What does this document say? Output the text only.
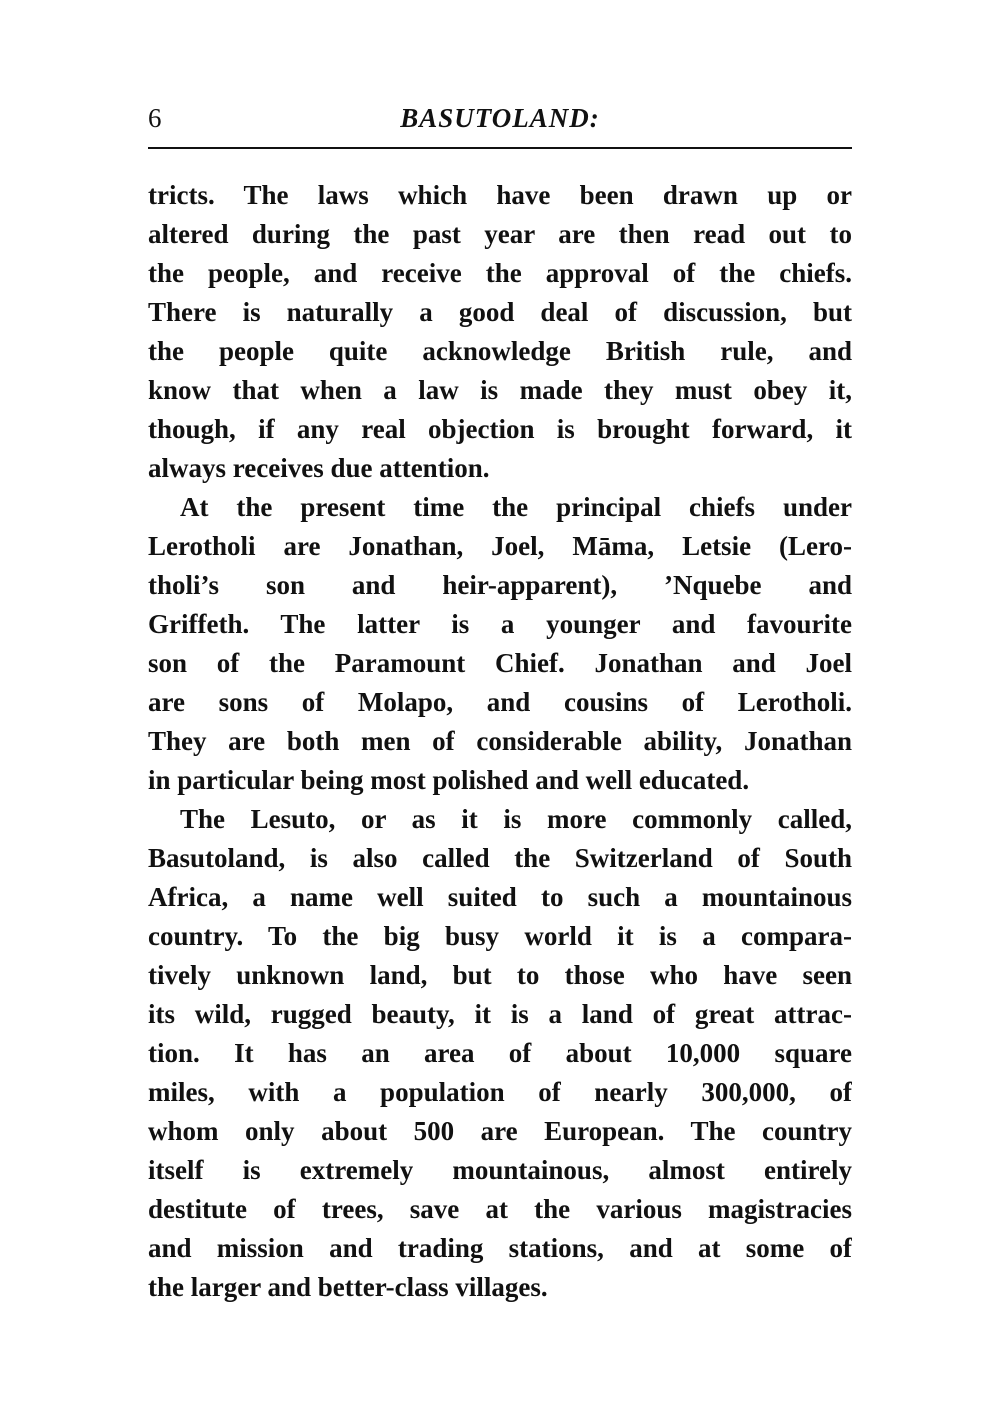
6	BASUTOLAND:
tricts. The laws which have been drawn up or
altered during the past year are then read out to
the people, and receive the approval of the chiefs.
There is naturally a good deal of discussion, but
the people quite acknowledge British rule, and
know that when a law is made they must obey it,
though, if any real objection is brought forward, it
always receives due attention.
At the present time the principal chiefs under
Lerotholi are Jonathan, Joel, Māma, Letsie (Lero-
tholi’s son and heir-apparent), ’Nquebe and
Griffeth. The latter is a younger and favourite
son of the Paramount Chief. Jonathan and Joel
are sons of Molapo, and cousins of Lerotholi.
They are both men of considerable ability, Jonathan
in particular being most polished and well educated.
The Lesuto, or as it is more commonly called,
Basutoland, is also called the Switzerland of South
Africa, a name well suited to such a mountainous
country. To the big busy world it is a compara-
tively unknown land, but to those who have seen
its wild, rugged beauty, it is a land of great attrac-
tion. It has an area of about 10,000 square
miles, with a population of nearly 300,000, of
whom only about 500 are European. The country
itself is extremely mountainous, almost entirely
destitute of trees, save at the various magistracies
and mission and trading stations, and at some of
the larger and better-class villages.
